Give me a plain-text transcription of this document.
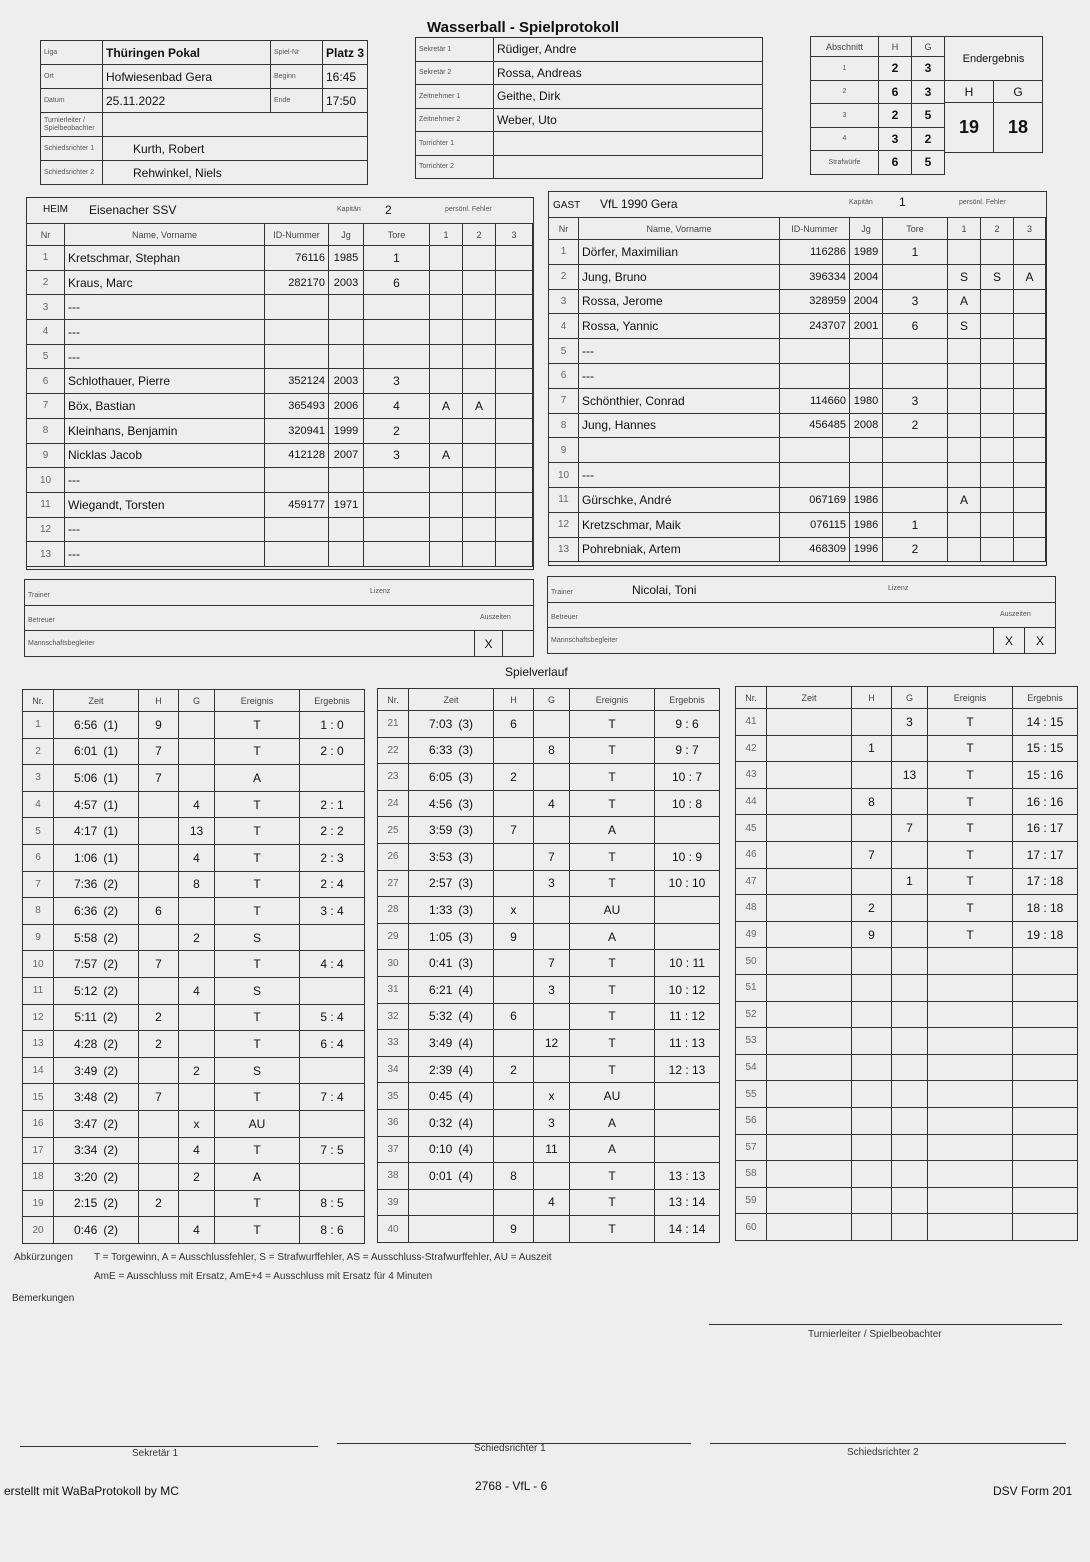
Wasserball - Spielprotokoll
Liga	Thüringen Pokal	Spiel-Nr	Platz 3
Ort	Hofwiesenbad Gera	Beginn	16:45
Datum	25.11.2022	Ende	17:50
Turnierleiter / Spielbeobachter			
Schiedsrichter 1	Kurth, Robert		
Schiedsrichter 2	Rehwinkel, Niels		
Sekretär 1	Rüdiger, Andre
Sekretär 2	Rossa, Andreas
Zeitnehmer 1	Geithe, Dirk
Zeitnehmer 2	Weber, Uto
Torrichter 1	
Torrichter 2	
Abschnitt	H	G
1	2	3
2	6	3
3	2	5
4	3	2
Strafwürfe	6	5
Endergebnis	
H	G
19	18
HEIM Eisenacher SSV	Kapitän 2	persönl. Fehler
Nr	Name, Vorname	ID-Nummer	Jg	Tore	1	2	3
1	Kretschmar, Stephan	76116	1985	1			
2	Kraus, Marc	282170	2003	6			
3	---						
4	---						
5	---						
6	Schlothauer, Pierre	352124	2003	3			
7	Böx, Bastian	365493	2006	4	A	A	
8	Kleinhans, Benjamin	320941	1999	2			
9	Nicklas Jacob	412128	2007	3	A		
10	---						
11	Wiegandt, Torsten	459177	1971				
12	---						
13	---						
GAST VfL 1990 Gera	Kapitän 1	persönl. Fehler
Nr	Name, Vorname	ID-Nummer	Jg	Tore	1	2	3
1	Dörfer, Maximilian	116286	1989	1			
2	Jung, Bruno	396334	2004		S	S	A
3	Rossa, Jerome	328959	2004	3	A		
4	Rossa, Yannic	243707	2001	6	S		
5	---						
6	---						
7	Schönthier, Conrad	114660	1980	3			
8	Jung, Hannes	456485	2008	2			
9							
10	---						
11	Gürschke, André	067169	1986		A		
12	Kretzschmar, Maik	076115	1986	1			
13	Pohrebniak, Artem	468309	1996	2			
Trainer	Lizenz

Betreuer	Auszeiten

Mannschaftsbegleiter	X	
Trainer	Nicolai, Toni	Lizenz

Betreuer	Auszeiten

Mannschaftsbegleiter	X	X
Spielverlauf
Nr.	Zeit	H	G	Ereignis	Ergebnis
1	6:56 (1)	9		T	1 : 0
2	6:01 (1)	7		T	2 : 0
3	5:06 (1)	7		A	
4	4:57 (1)		4	T	2 : 1
5	4:17 (1)		13	T	2 : 2
6	1:06 (1)		4	T	2 : 3
7	7:36 (2)		8	T	2 : 4
8	6:36 (2)	6		T	3 : 4
9	5:58 (2)		2	S	
10	7:57 (2)	7		T	4 : 4
11	5:12 (2)		4	S	
12	5:11 (2)	2		T	5 : 4
13	4:28 (2)	2		T	6 : 4
14	3:49 (2)		2	S	
15	3:48 (2)	7		T	7 : 4
16	3:47 (2)		x	AU	
17	3:34 (2)		4	T	7 : 5
18	3:20 (2)		2	A	
19	2:15 (2)	2		T	8 : 5
20	0:46 (2)		4	T	8 : 6
Nr.	Zeit	H	G	Ereignis	Ergebnis
21	7:03 (3)	6		T	9 : 6
22	6:33 (3)		8	T	9 : 7
23	6:05 (3)	2		T	10 : 7
24	4:56 (3)		4	T	10 : 8
25	3:59 (3)	7		A	
26	3:53 (3)		7	T	10 : 9
27	2:57 (3)		3	T	10 : 10
28	1:33 (3)	x		AU	
29	1:05 (3)	9		A	
30	0:41 (3)		7	T	10 : 11
31	6:21 (4)		3	T	10 : 12
32	5:32 (4)	6		T	11 : 12
33	3:49 (4)		12	T	11 : 13
34	2:39 (4)	2		T	12 : 13
35	0:45 (4)		x	AU	
36	0:32 (4)		3	A	
37	0:10 (4)		11	A	
38	0:01 (4)	8		T	13 : 13
39			4	T	13 : 14
40		9		T	14 : 14
Nr.	Zeit	H	G	Ereignis	Ergebnis
41			3	T	14 : 15
42		1		T	15 : 15
43			13	T	15 : 16
44		8		T	16 : 16
45			7	T	16 : 17
46		7		T	17 : 17
47			1	T	17 : 18
48		2		T	18 : 18
49		9		T	19 : 18
50					
51					
52					
53					
54					
55					
56					
57					
58					
59					
60					
Abkürzungen T = Torgewinn, A = Ausschlussfehler, S = Strafwurffehler, AS = Ausschluss-Strafwurffehler, AU = Auszeit
AmE = Ausschluss mit Ersatz, AmE+4 = Ausschluss mit Ersatz für 4 Minuten
Bemerkungen
Turnierleiter / Spielbeobachter
Sekretär 1	Schiedsrichter 1	Schiedsrichter 2
erstellt mit WaBaProtokoll by MC	2768 - VfL - 6	DSV Form 201
